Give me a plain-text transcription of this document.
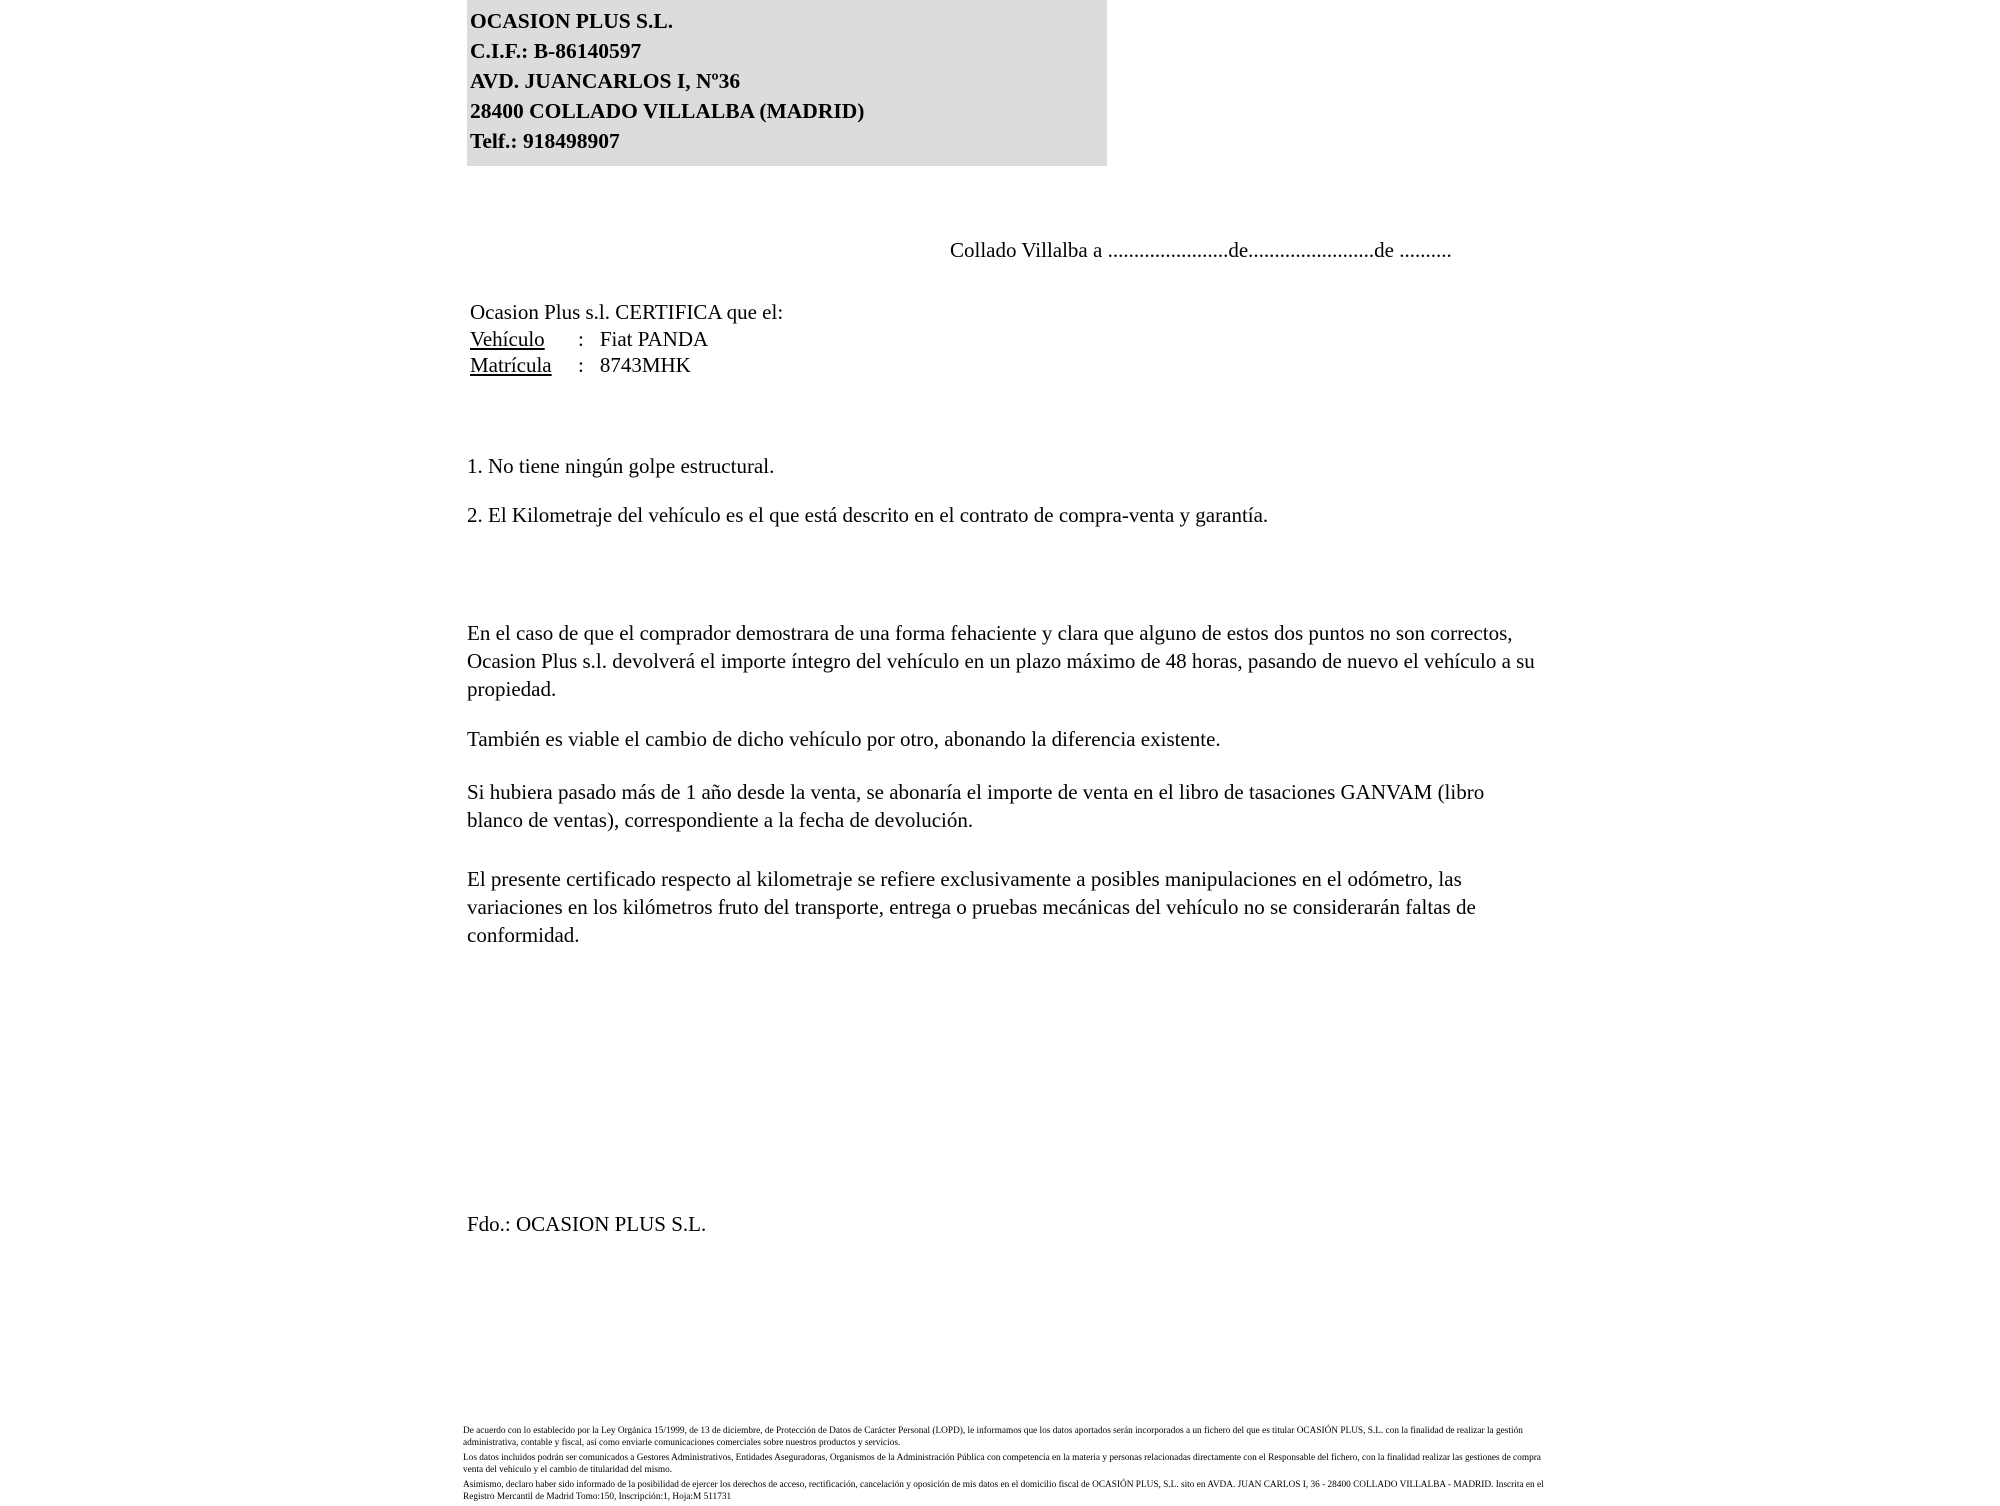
OCASION PLUS S.L.
C.I.F.: B-86140597
AVD. JUANCARLOS I, Nº36
28400 COLLADO VILLALBA (MADRID)
Telf.: 918498907
Collado Villalba a .......................de........................de ..........
Ocasion Plus s.l. CERTIFICA que el:
Vehículo : Fiat PANDA
Matrícula : 8743MHK
1. No tiene ningún golpe estructural.
2. El Kilometraje del vehículo es el que está descrito en el contrato de compra-venta y garantía.
En el caso de que el comprador demostrara de una forma fehaciente y clara que alguno de estos dos puntos no son correctos, Ocasion Plus s.l. devolverá el importe íntegro del vehículo en un plazo máximo de 48 horas, pasando de nuevo el vehículo a su propiedad.
También es viable el cambio de dicho vehículo por otro, abonando la diferencia existente.
Si hubiera pasado más de 1 año desde la venta, se abonaría el importe de venta en el libro de tasaciones GANVAM (libro blanco de ventas), correspondiente a la fecha de devolución.
El presente certificado respecto al kilometraje se refiere exclusivamente a posibles manipulaciones en el odómetro, las variaciones en los kilómetros fruto del transporte, entrega o pruebas mecánicas del vehículo no se considerarán faltas de conformidad.
Fdo.: OCASION PLUS S.L.

De acuerdo con lo establecido por la Ley Orgánica 15/1999, de 13 de diciembre, de Protección de Datos de Carácter Personal (LOPD), le informamos que los datos aportados serán incorporados a un fichero del que es titular OCASIÓN PLUS, S.L. con la finalidad de realizar la gestión administrativa, contable y fiscal, así como enviarle comunicaciones comerciales sobre nuestros productos y servicios.

Los datos incluidos podrán ser comunicados a Gestores Administrativos, Entidades Aseguradoras, Organismos de la Administración Pública con competencia en la materia y personas relacionadas directamente con el Responsable del fichero, con la finalidad realizar las gestiones de compra venta del vehículo y el cambio de titularidad del mismo.

Asimismo, declaro haber sido informado de la posibilidad de ejercer los derechos de acceso, rectificación, cancelación y oposición de mis datos en el domicilio fiscal de OCASIÓN PLUS, S.L. sito en AVDA. JUAN CARLOS I, 36 - 28400 COLLADO VILLALBA - MADRID. Inscrita en el Registro Mercantil de Madrid Tomo:150, Inscripción:1, Hoja:M 511731
